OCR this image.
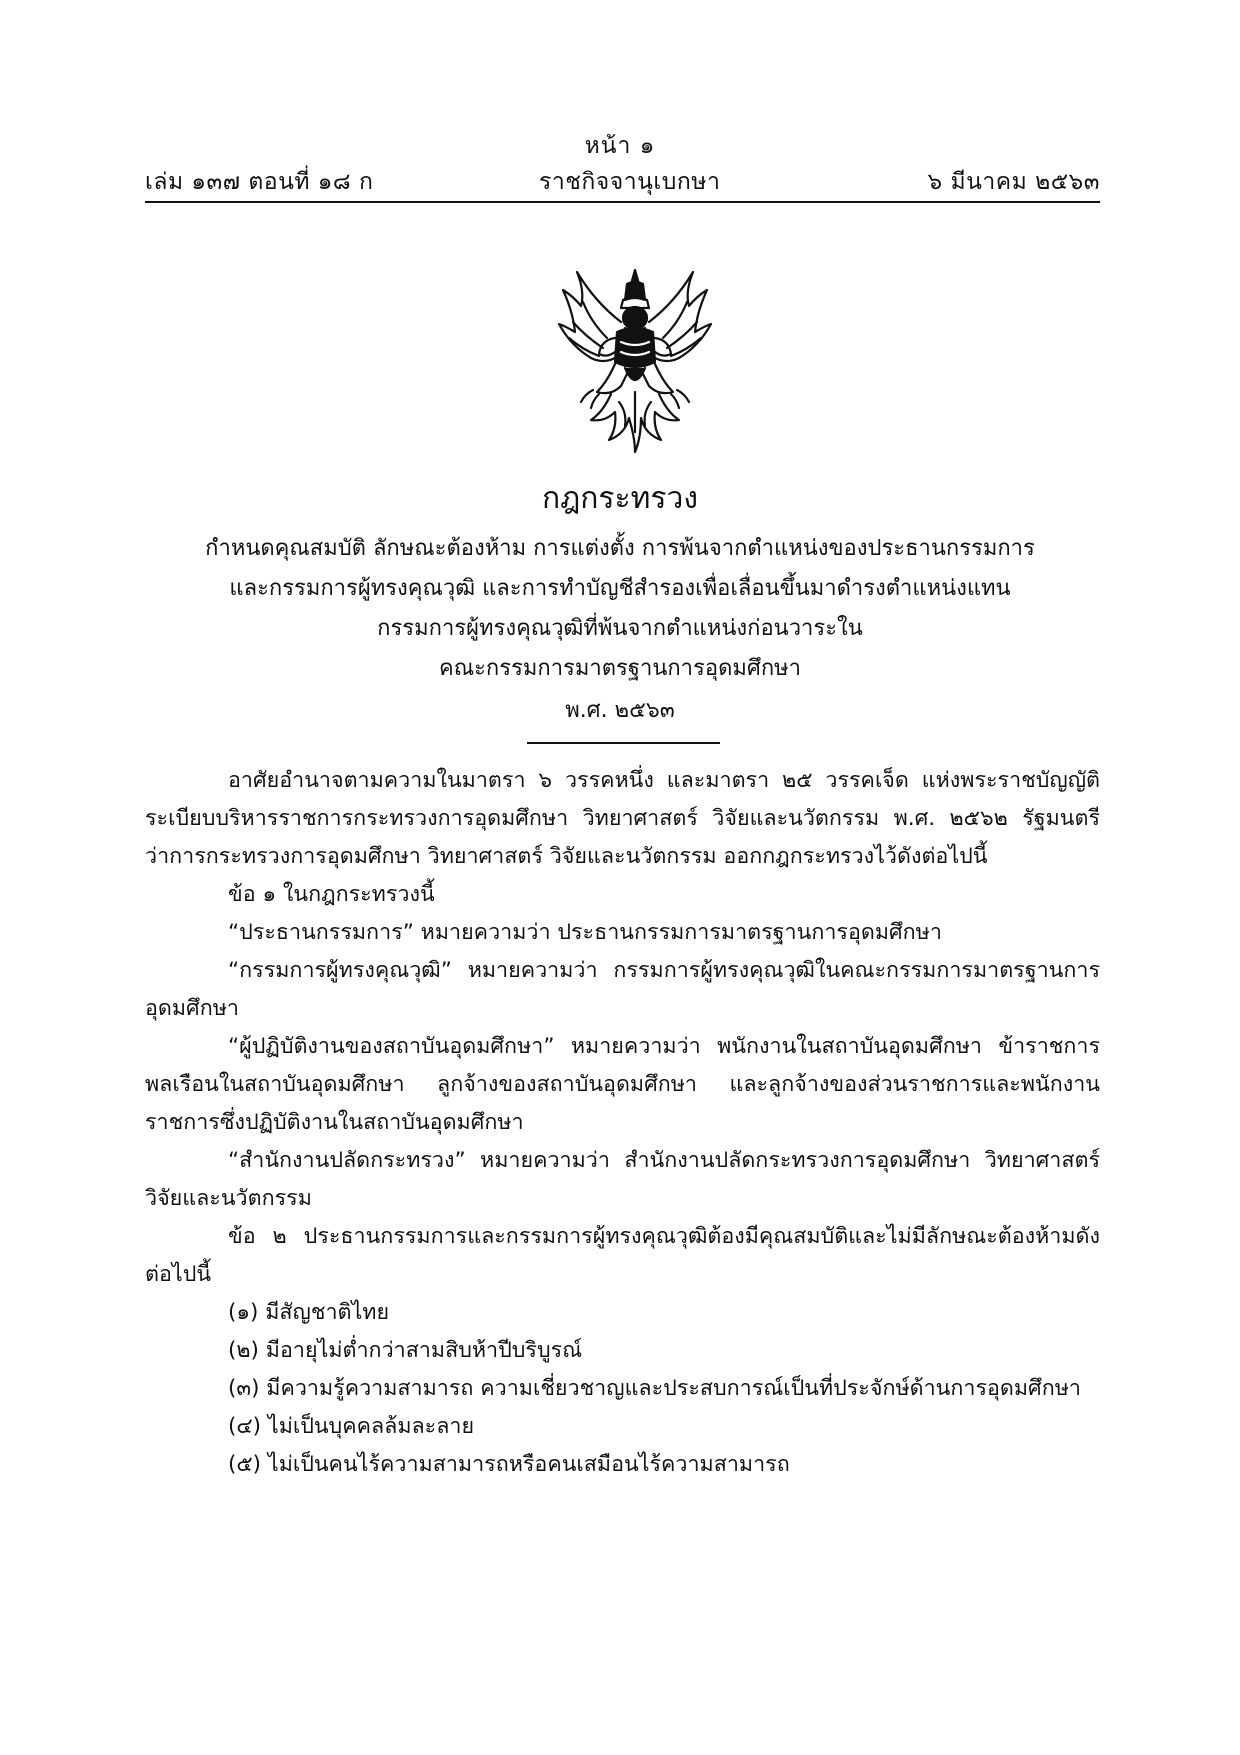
หน้า ๑
เล่ม ๑๓๗ ตอนที่ ๑๘ ก	ราชกิจจานุเบกษา	๖ มีนาคม ๒๕๖๓
กฎกระทรวง
กำหนดคุณสมบัติ ลักษณะต้องห้าม การแต่งตั้ง การพ้นจากตำแหน่งของประธานกรรมการ
และกรรมการผู้ทรงคุณวุฒิ และการทำบัญชีสำรองเพื่อเลื่อนขึ้นมาดำรงตำแหน่งแทน
กรรมการผู้ทรงคุณวุฒิที่พ้นจากตำแหน่งก่อนวาระใน
คณะกรรมการมาตรฐานการอุดมศึกษา
พ.ศ. ๒๕๖๓

อาศัยอำนาจตามความในมาตรา ๖ วรรคหนึ่ง และมาตรา ๒๕ วรรคเจ็ด แห่งพระราชบัญญัติระเบียบบริหารราชการกระทรวงการอุดมศึกษา วิทยาศาสตร์ วิจัยและนวัตกรรม พ.ศ. ๒๕๖๒ รัฐมนตรีว่าการกระทรวงการอุดมศึกษา วิทยาศาสตร์ วิจัยและนวัตกรรม ออกกฎกระทรวงไว้ดังต่อไปนี้

ข้อ ๑ ในกฎกระทรวงนี้

“ประธานกรรมการ” หมายความว่า ประธานกรรมการมาตรฐานการอุดมศึกษา

“กรรมการผู้ทรงคุณวุฒิ” หมายความว่า กรรมการผู้ทรงคุณวุฒิในคณะกรรมการมาตรฐานการอุดมศึกษา

“ผู้ปฏิบัติงานของสถาบันอุดมศึกษา” หมายความว่า พนักงานในสถาบันอุดมศึกษา ข้าราชการพลเรือนในสถาบันอุดมศึกษา ลูกจ้างของสถาบันอุดมศึกษา และลูกจ้างของส่วนราชการและพนักงานราชการซึ่งปฏิบัติงานในสถาบันอุดมศึกษา

“สำนักงานปลัดกระทรวง” หมายความว่า สำนักงานปลัดกระทรวงการอุดมศึกษา วิทยาศาสตร์ วิจัยและนวัตกรรม

ข้อ ๒ ประธานกรรมการและกรรมการผู้ทรงคุณวุฒิต้องมีคุณสมบัติและไม่มีลักษณะต้องห้ามดังต่อไปนี้

(๑) มีสัญชาติไทย

(๒) มีอายุไม่ต่ำกว่าสามสิบห้าปีบริบูรณ์

(๓) มีความรู้ความสามารถ ความเชี่ยวชาญและประสบการณ์เป็นที่ประจักษ์ด้านการอุดมศึกษา

(๔) ไม่เป็นบุคคลล้มละลาย

(๕) ไม่เป็นคนไร้ความสามารถหรือคนเสมือนไร้ความสามารถ
